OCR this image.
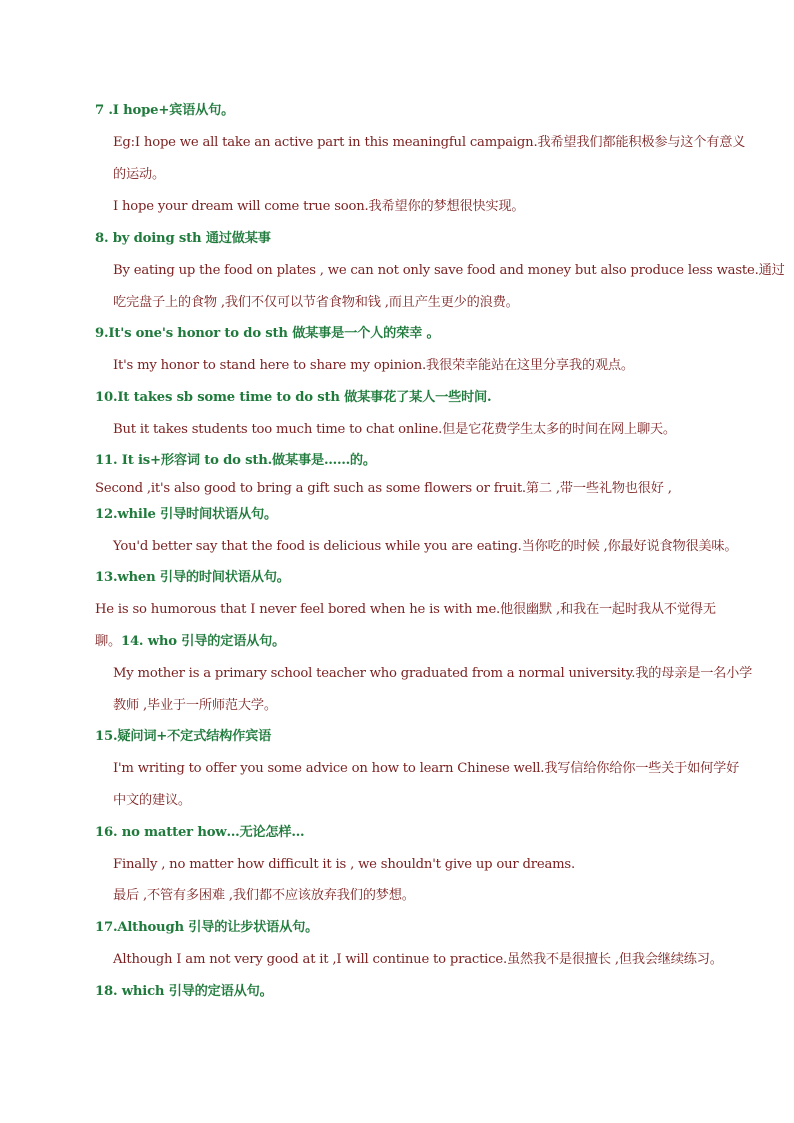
7 .I hope+宾语从句。
Eg:I hope we all take an active part in this meaningful campaign.我希望我们都能积极参与这个有意义
的运动。
I hope your dream will come true soon.我希望你的梦想很快实现。
8. by doing sth 通过做某事
By eating up the food on plates , we can not only save food and money but also produce less waste.通过
吃完盘子上的食物 ,我们不仅可以节省食物和钱 ,而且产生更少的浪费。
9.It's one's honor to do sth 做某事是一个人的荣幸 。
It's my honor to stand here to share my opinion.我很荣幸能站在这里分享我的观点。
10.It takes sb some time to do sth 做某事花了某人一些时间.
But it takes students too much time to chat online.但是它花费学生太多的时间在网上聊天。
11. It is+形容词 to do sth.做某事是……的。
Second ,it's also good to bring a gift such as some flowers or fruit.第二 ,带一些礼物也很好 ,
12.while 引导时间状语从句。
You'd better say that the food is delicious while you are eating.当你吃的时候 ,你最好说食物很美味。
13.when 引导的时间状语从句。
He is so humorous that I never feel bored when he is with me.他很幽默 ,和我在一起时我从不觉得无
聊。14. who 引导的定语从句。
My mother is a primary school teacher who graduated from a normal university.我的母亲是一名小学
教师 ,毕业于一所师范大学。
15.疑问词+不定式结构作宾语
I'm writing to offer you some advice on how to learn Chinese well.我写信给你给你一些关于如何学好
中文的建议。
16. no matter how…无论怎样…
Finally , no matter how difficult it is , we shouldn't give up our dreams.
最后 ,不管有多困难 ,我们都不应该放弃我们的梦想。
17.Although 引导的让步状语从句。
Although I am not very good at it ,I will continue to practice.虽然我不是很擅长 ,但我会继续练习。
18. which 引导的定语从句。
